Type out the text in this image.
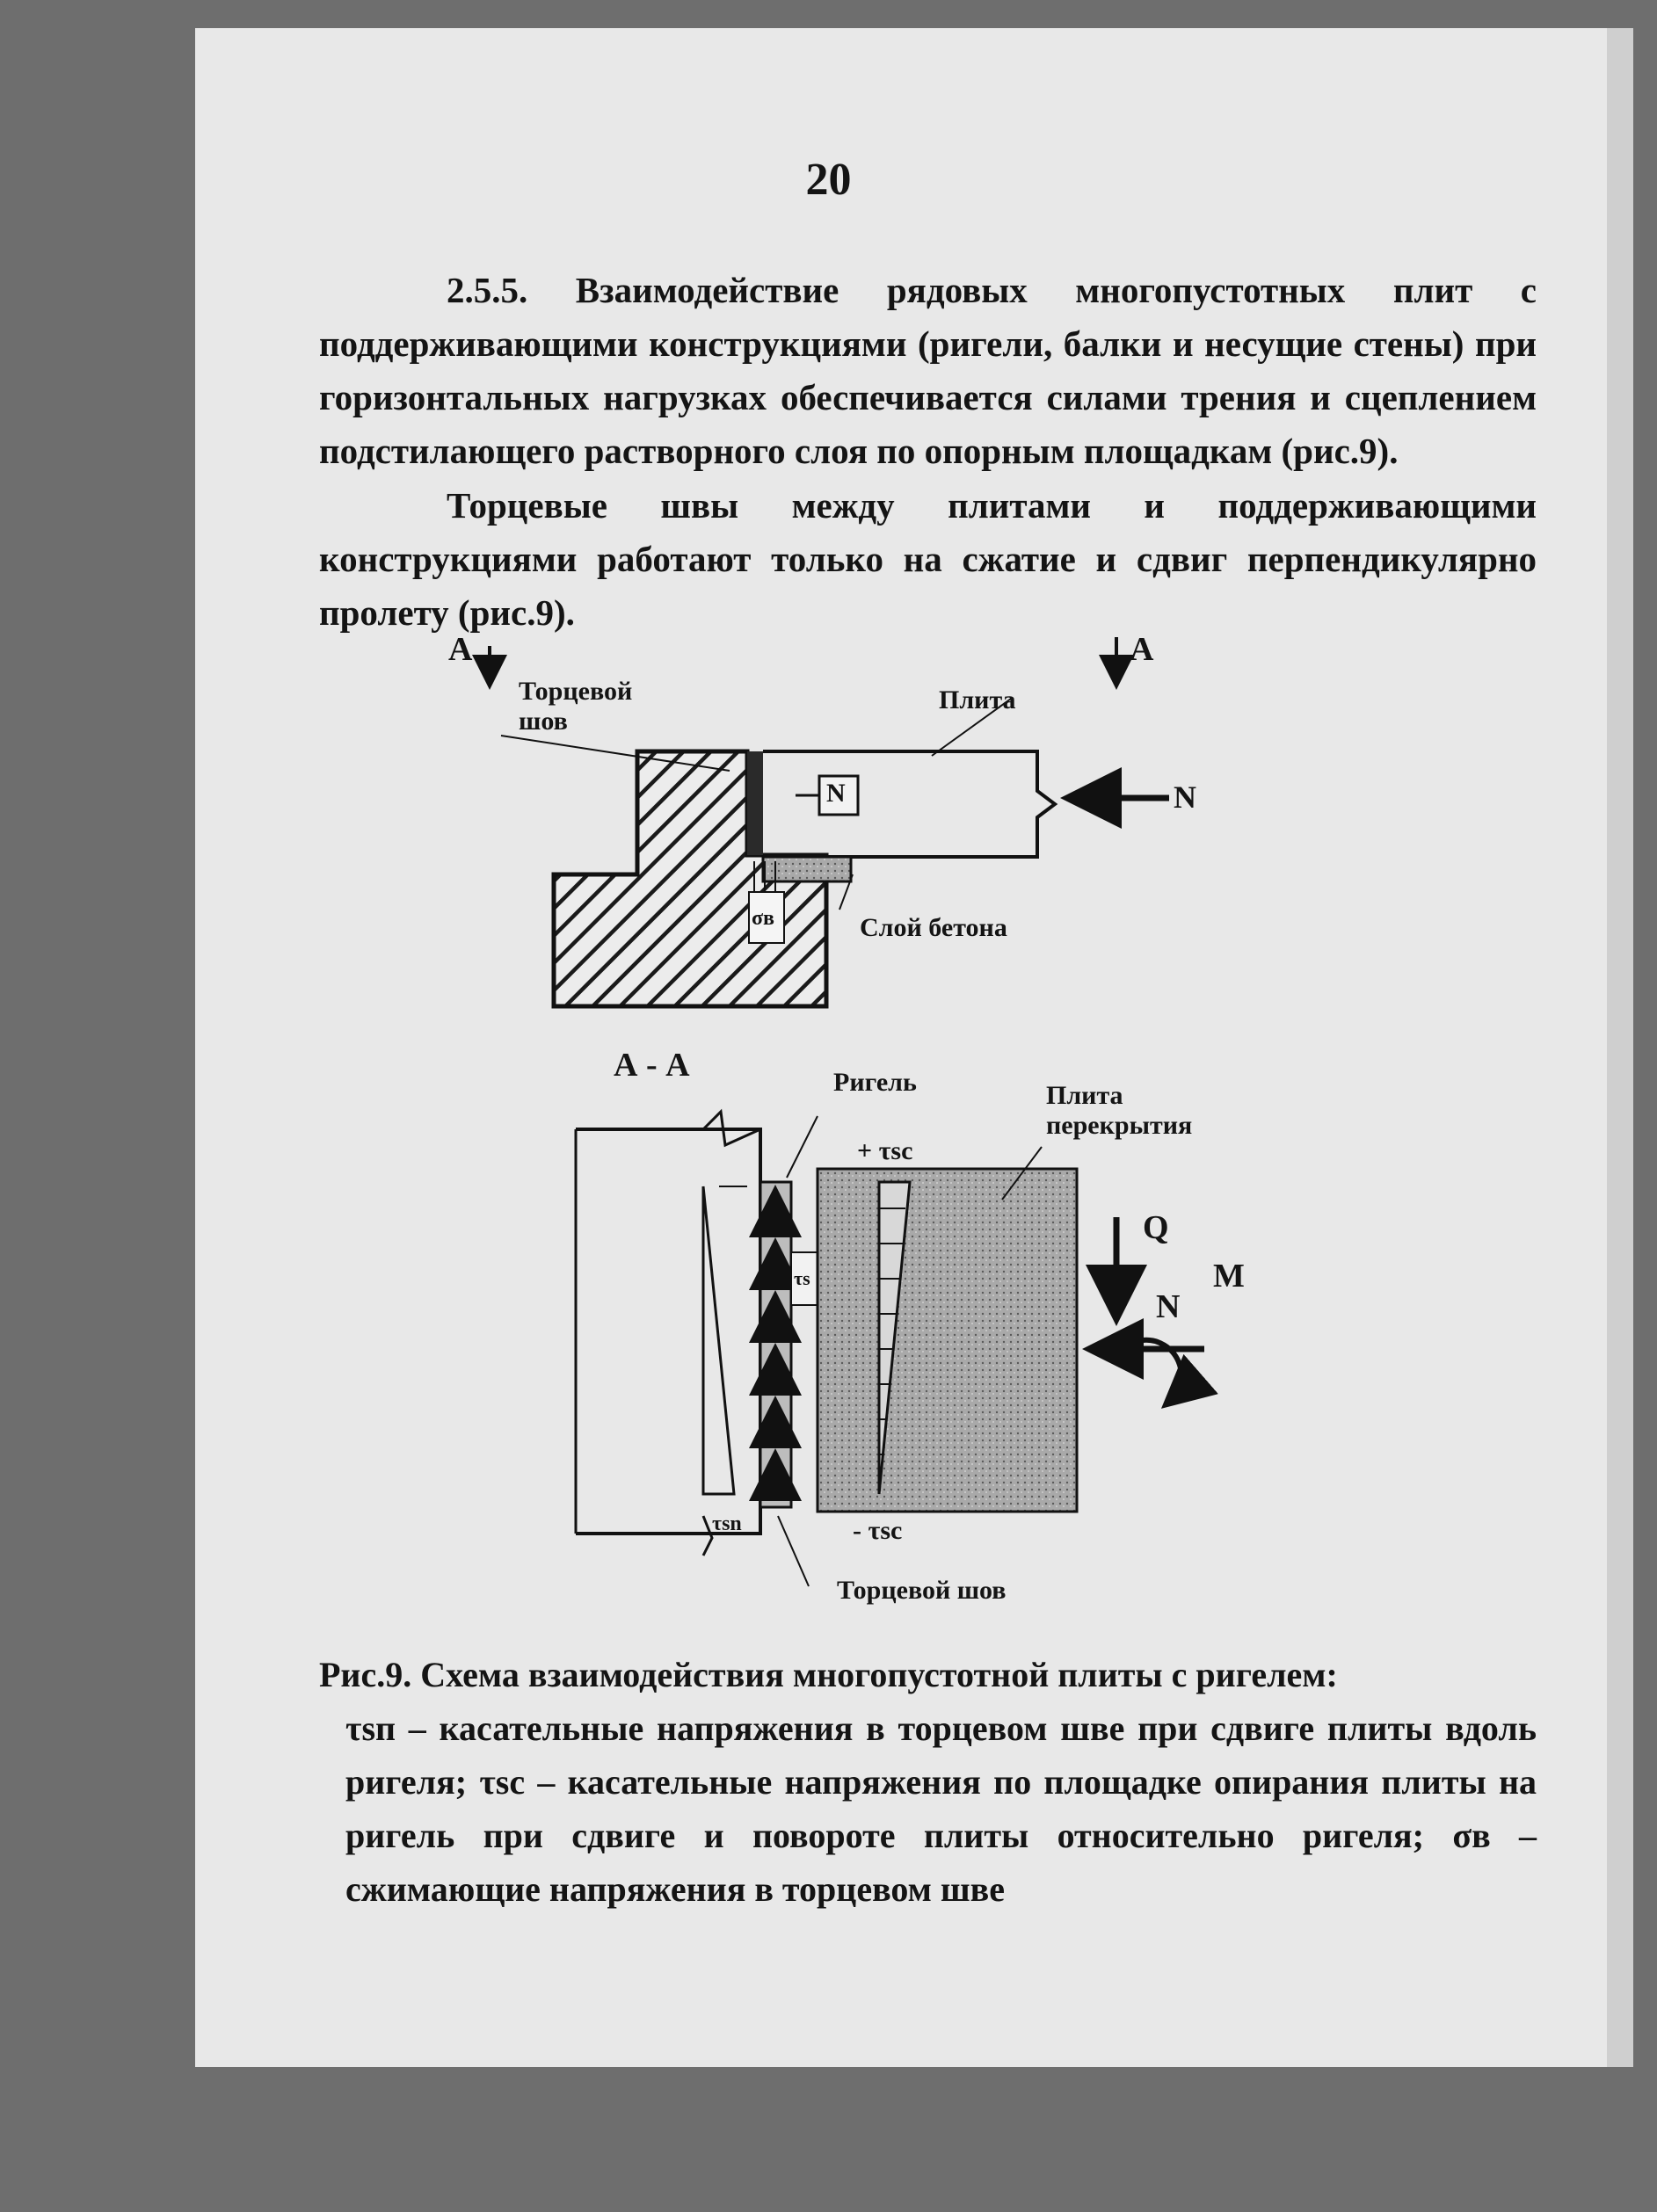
20
2.5.5. Взаимодействие рядовых многопустотных плит с поддерживающими конструкциями (ригели, балки и несущие стены) при горизонтальных нагрузках обеспечивается силами трения и сцеплением подстилающего растворного слоя по опорным площадкам (рис.9).
Торцевые швы между плитами и поддерживающими конструкциями работают только на сжатие и сдвиг перпендикулярно пролету (рис.9).
А	А
Торцевой шов
Плита
N	N
σв	Слой бетона
А - А	Ригель	Плита перекрытия
+ τsc
τs
τsn	- τsc
Q
N
M
Торцевой шов
Рис.9. Схема взаимодействия многопустотной плиты с ригелем:
τsп – касательные напряжения в торцевом шве при сдвиге плиты вдоль ригеля; τsc – касательные напряжения по площадке опирания плиты на ригель при сдвиге и повороте плиты относительно ригеля; σв – сжимающие напряжения в торцевом шве
